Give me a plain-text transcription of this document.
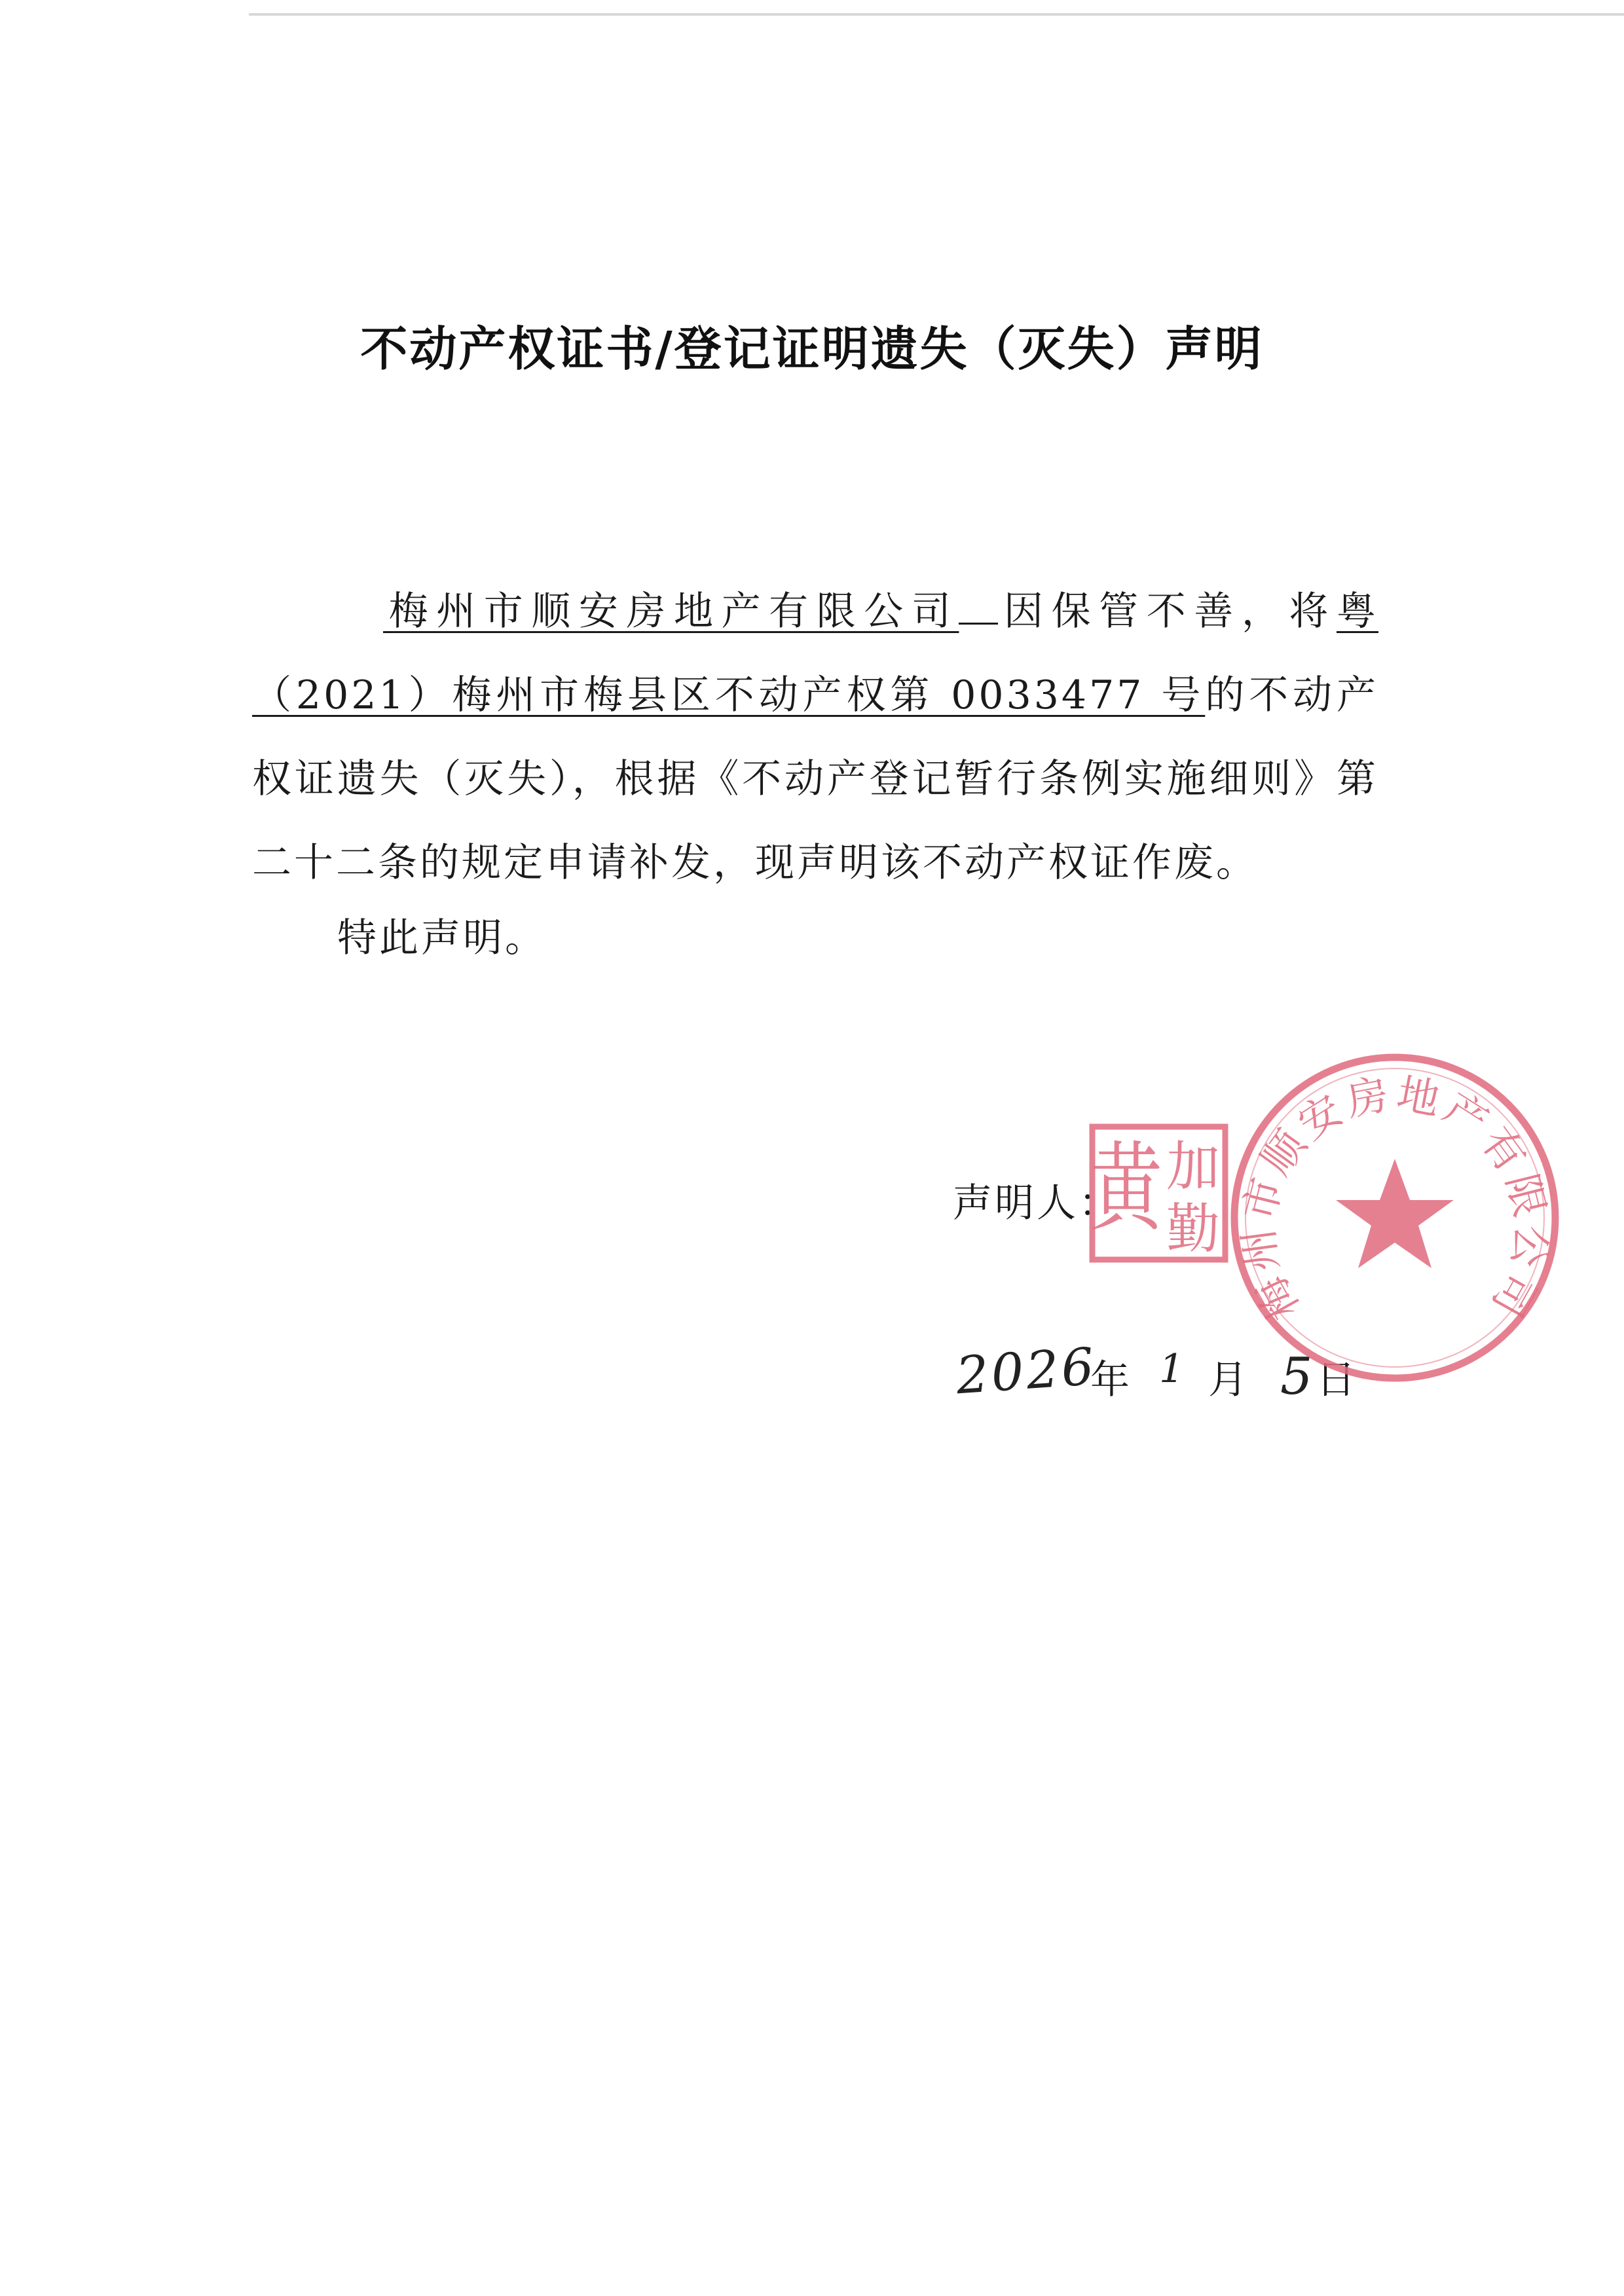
不动产权证书/登记证明遗失（灭失）声明

梅州市顺安房地产有限公司 因保管不善，将粤（2021）梅州市梅县区不动产权第 0033477 号的不动产权证遗失（灭失），根据《不动产登记暂行条例实施细则》第二十二条的规定申请补发，现声明该不动产权证作废。

特此声明。
声明人：
2026
年 1 月 5 日
加
勤
黄
梅州市顺安房地产有限公司
